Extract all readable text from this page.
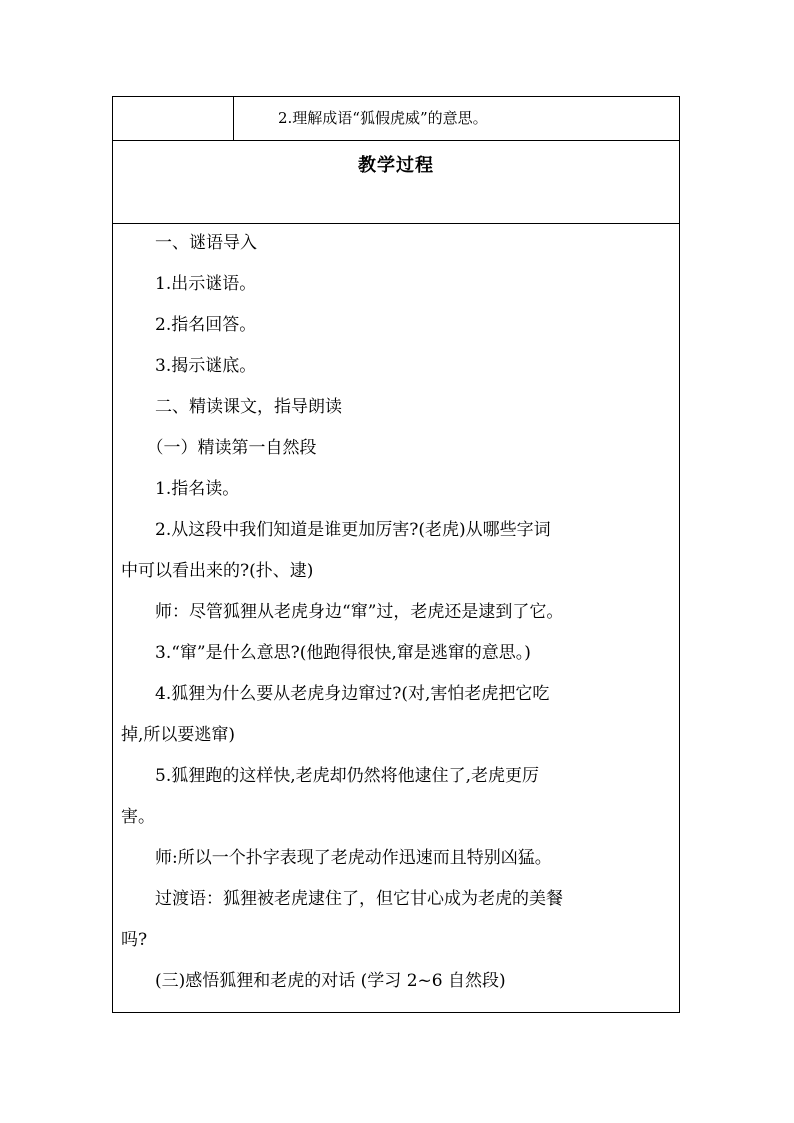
2.理解成语“狐假虎威”的意思。
教学过程
　　一、谜语导入
　　1.出示谜语。
　　2.指名回答。
　　3.揭示谜底。
　　二、精读课文，指导朗读
　　（一）精读第一自然段
　　1.指名读。
　　2.从这段中我们知道是谁更加厉害?(老虎)从哪些字词
中可以看出来的?(扑、逮)
　　师：尽管狐狸从老虎身边“窜”过，老虎还是逮到了它。
　　3.“窜”是什么意思?(他跑得很快,窜是逃窜的意思。)
　　4.狐狸为什么要从老虎身边窜过?(对,害怕老虎把它吃
掉,所以要逃窜)
　　5.狐狸跑的这样快,老虎却仍然将他逮住了,老虎更厉
害。
　　师:所以一个扑字表现了老虎动作迅速而且特别凶猛。
　　过渡语：狐狸被老虎逮住了，但它甘心成为老虎的美餐
吗?
　　(三)感悟狐狸和老虎的对话 (学习 2~6 自然段)
